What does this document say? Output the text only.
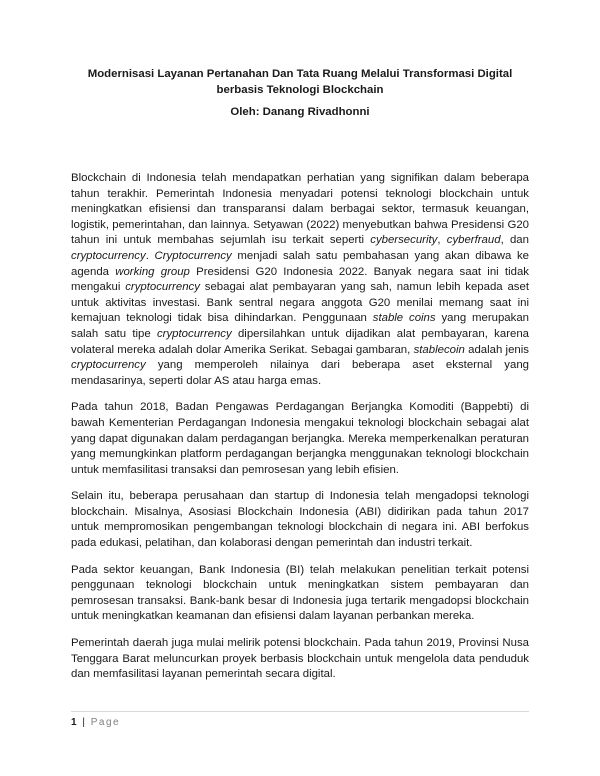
Modernisasi Layanan Pertanahan Dan Tata Ruang Melalui Transformasi Digital

berbasis Teknologi Blockchain

Oleh: Danang Rivadhonni

Blockchain di Indonesia telah mendapatkan perhatian yang signifikan dalam beberapa tahun terakhir. Pemerintah Indonesia menyadari potensi teknologi blockchain untuk meningkatkan efisiensi dan transparansi dalam berbagai sektor, termasuk keuangan, logistik, pemerintahan, dan lainnya. Setyawan (2022) menyebutkan bahwa Presidensi G20 tahun ini untuk membahas sejumlah isu terkait seperti cybersecurity, cyberfraud, dan cryptocurrency. Cryptocurrency menjadi salah satu pembahasan yang akan dibawa ke agenda working group Presidensi G20 Indonesia 2022. Banyak negara saat ini tidak mengakui cryptocurrency sebagai alat pembayaran yang sah, namun lebih kepada aset untuk aktivitas investasi. Bank sentral negara anggota G20 menilai memang saat ini kemajuan teknologi tidak bisa dihindarkan. Penggunaan stable coins yang merupakan salah satu tipe cryptocurrency dipersilahkan untuk dijadikan alat pembayaran, karena volateral mereka adalah dolar Amerika Serikat. Sebagai gambaran, stablecoin adalah jenis cryptocurrency yang memperoleh nilainya dari beberapa aset eksternal yang mendasarinya, seperti dolar AS atau harga emas.

Pada tahun 2018, Badan Pengawas Perdagangan Berjangka Komoditi (Bappebti) di bawah Kementerian Perdagangan Indonesia mengakui teknologi blockchain sebagai alat yang dapat digunakan dalam perdagangan berjangka. Mereka memperkenalkan peraturan yang memungkinkan platform perdagangan berjangka menggunakan teknologi blockchain untuk memfasilitasi transaksi dan pemrosesan yang lebih efisien.

Selain itu, beberapa perusahaan dan startup di Indonesia telah mengadopsi teknologi blockchain. Misalnya, Asosiasi Blockchain Indonesia (ABI) didirikan pada tahun 2017 untuk mempromosikan pengembangan teknologi blockchain di negara ini. ABI berfokus pada edukasi, pelatihan, dan kolaborasi dengan pemerintah dan industri terkait.

Pada sektor keuangan, Bank Indonesia (BI) telah melakukan penelitian terkait potensi penggunaan teknologi blockchain untuk meningkatkan sistem pembayaran dan pemrosesan transaksi. Bank-bank besar di Indonesia juga tertarik mengadopsi blockchain untuk meningkatkan keamanan dan efisiensi dalam layanan perbankan mereka.

Pemerintah daerah juga mulai melirik potensi blockchain. Pada tahun 2019, Provinsi Nusa Tenggara Barat meluncurkan proyek berbasis blockchain untuk mengelola data penduduk dan memfasilitasi layanan pemerintah secara digital.

1 | Page
